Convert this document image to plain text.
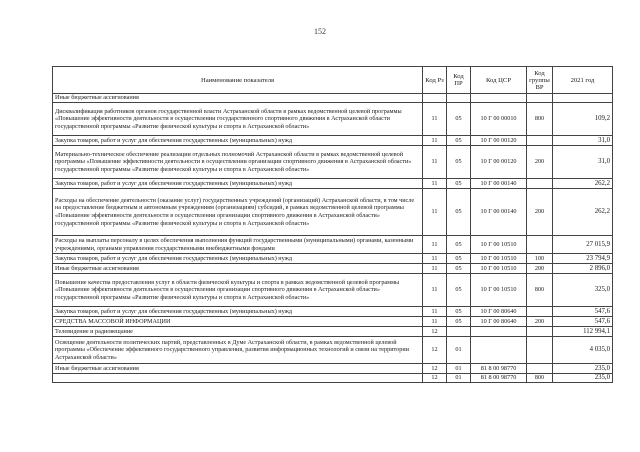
152
Наименование показателя	Код Рз	Код ПР	Код ЦСР	Код группы ВР	2021 год
Иные бюджетные ассигнования					
Дисквалификация работников органов государственной власти Астраханской области в рамках ведомственной целевой программы «Повышение эффективности деятельности в осуществлении государственного спортивного движения в Астраханской области государственной программы «Развитие физической культуры и спорта в Астраханской области»	11	05	10 Г 00 00010	800	109,2
Закупка товаров, работ и услуг для обеспечения государственных (муниципальных) нужд	11	05	10 Г 00 00120		31,0
Материально-техническое обеспечение реализации отдельных полномочий Астраханской области в рамках ведомственной целевой программы «Повышение эффективности деятельности в осуществлении организации спортивного движения в Астраханской области» государственной программы «Развитие физической культуры и спорта в Астраханской области»	11	05	10 Г 00 00120	200	31,0
Закупка товаров, работ и услуг для обеспечения государственных (муниципальных) нужд	11	05	10 Г 00 00140		262,2
Расходы на обеспечение деятельности (оказание услуг) государственных учреждений (организаций) Астраханской области, в том числе на предоставление бюджетным и автономным учреждениям (организациям) субсидий, в рамках ведомственной целевой программы «Повышение эффективности деятельности в осуществлении организации спортивного движения в Астраханской области» государственной программы «Развитие физической культуры и спорта в Астраханской области»	11	05	10 Г 00 00140	200	262,2
Расходы на выплаты персоналу в целях обеспечения выполнения функций государственными (муниципальными) органами, казенными учреждениями, органами управления государственными внебюджетными фондами	11	05	10 Г 00 10510		27 015,9
Закупка товаров, работ и услуг для обеспечения государственных (муниципальных) нужд	11	05	10 Г 00 10510	100	23 794,9
Иные бюджетные ассигнования	11	05	10 Г 00 10510	200	2 896,0
Повышение качества предоставления услуг в области физической культуры и спорта в рамках ведомственной целевой программы «Повышение эффективности деятельности в осуществлении организации спортивного движения в Астраханской области» государственной программы «Развитие физической культуры и спорта в Астраханской области»	11	05	10 Г 00 10510	800	325,0
Закупка товаров, работ и услуг для обеспечения государственных (муниципальных) нужд	11	05	10 Г 00 80640		547,6
СРЕДСТВА МАССОВОЙ ИНФОРМАЦИИ	11	05	10 Г 00 80640	200	547,6
Телевидение и радиовещание	12				112 994,1
Освещение деятельности политических партий, представленных в Думе Астраханской области, в рамках ведомственной целевой программы «Обеспечение эффективного государственного управления, развития информационных технологий и связи на территории Астраханской области»	12	01			4 035,0
Иные бюджетные ассигнования	12	01	81 8 00 98770		235,0
	12	01	81 8 00 98770	800	235,0
